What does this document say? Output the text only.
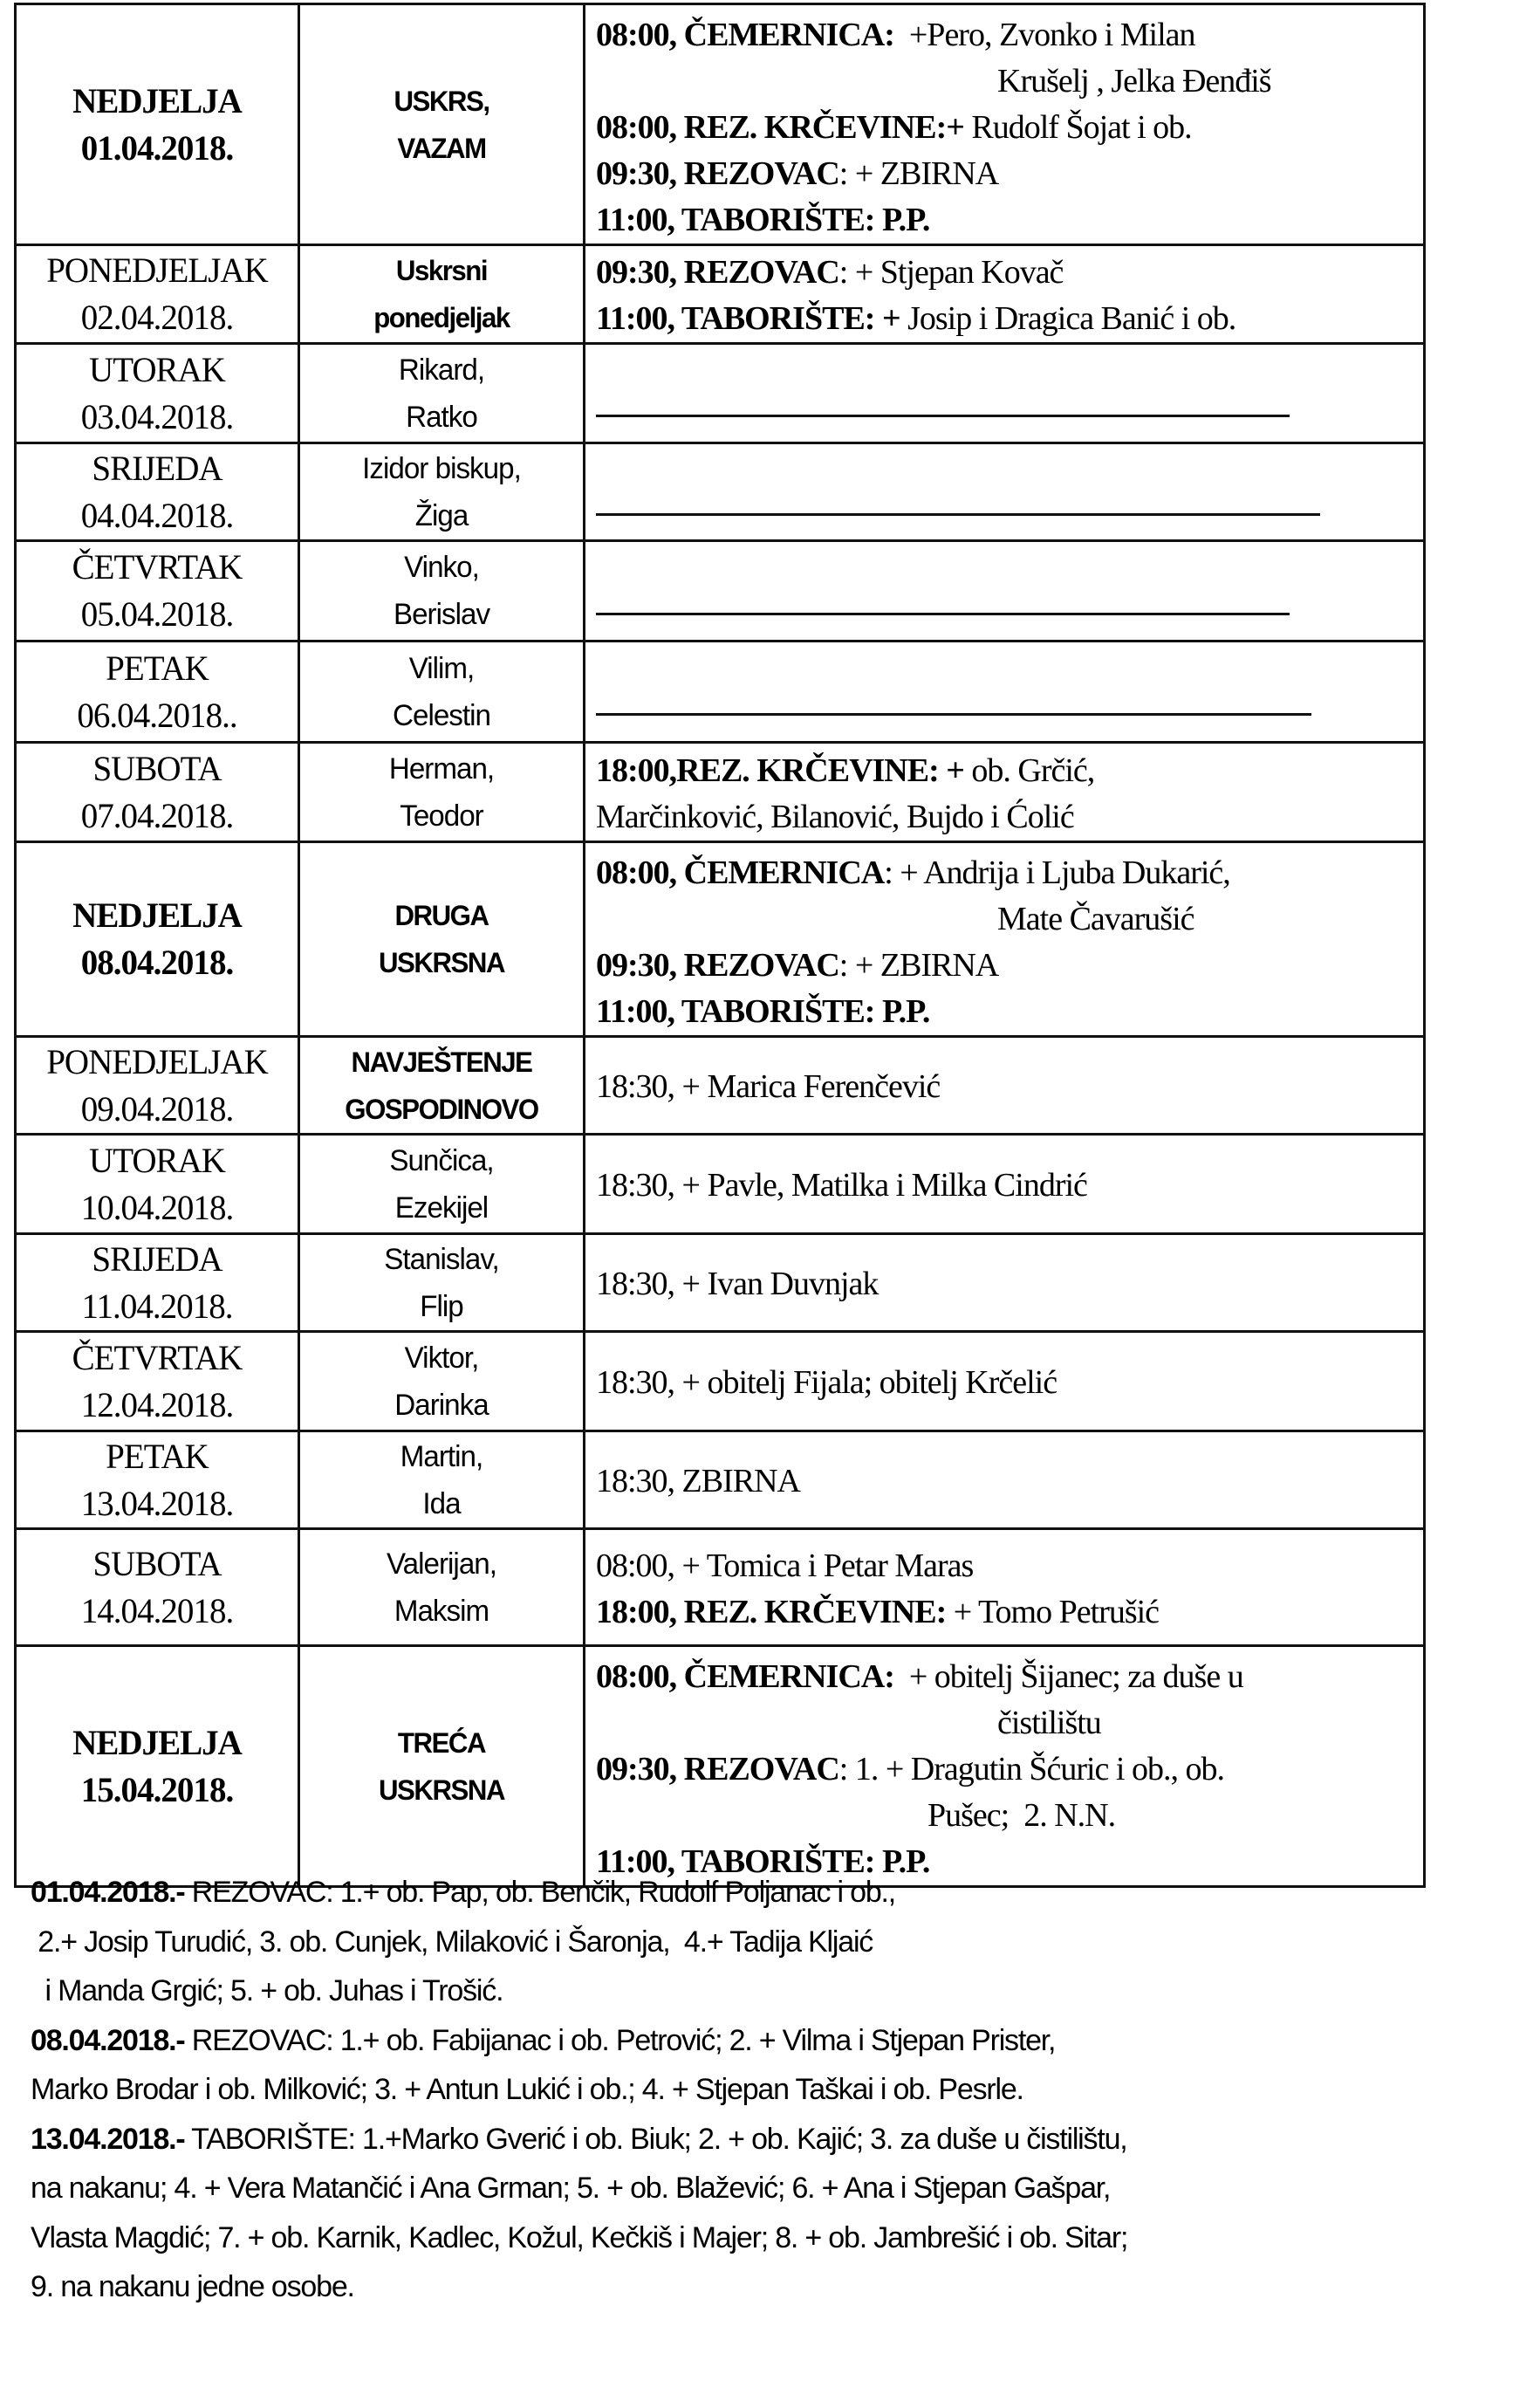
NEDJELJA
01.04.2018.	USKRS,
VAZAM	08:00, ČEMERNICA:  +Pero, Zvonko i Milan
Krušelj , Jelka Đenđiš
08:00, REZ. KRČEVINE:+ Rudolf Šojat i ob.
09:30, REZOVAC: + ZBIRNA
11:00, TABORIŠTE: P.P.

PONEDJELJAK
02.04.2018.	Uskrsni
ponedjeljak	09:30, REZOVAC: + Stjepan Kovač
11:00, TABORIŠTE: + Josip i Dragica Banić i ob.

UTORAK
03.04.2018.	Rikard,
Ratko	

SRIJEDA
04.04.2018.	Izidor biskup,
Žiga	

ČETVRTAK
05.04.2018.	Vinko,
Berislav	

PETAK
06.04.2018..	Vilim,
Celestin	

SUBOTA
07.04.2018.	Herman,
Teodor	18:00,REZ. KRČEVINE: + ob. Grčić,
Marčinković, Bilanović, Bujdo i Ćolić

NEDJELJA
08.04.2018.	DRUGA
USKRSNA	08:00, ČEMERNICA: + Andrija i Ljuba Dukarić,
Mate Čavarušić
09:30, REZOVAC: + ZBIRNA
11:00, TABORIŠTE: P.P.

PONEDJELJAK
09.04.2018.	NAVJEŠTENJE
GOSPODINOVO	18:30, + Marica Ferenčević

UTORAK
10.04.2018.	Sunčica,
Ezekijel	18:30, + Pavle, Matilka i Milka Cindrić

SRIJEDA
11.04.2018.	Stanislav,
Flip	18:30, + Ivan Duvnjak

ČETVRTAK
12.04.2018.	Viktor,
Darinka	18:30, + obitelj Fijala; obitelj Krčelić

PETAK
13.04.2018.	Martin,
Ida	18:30, ZBIRNA

SUBOTA
14.04.2018.	Valerijan,
Maksim	08:00, + Tomica i Petar Maras
18:00, REZ. KRČEVINE: + Tomo Petrušić

NEDJELJA
15.04.2018.	TREĆA
USKRSNA	08:00, ČEMERNICA:  + obitelj Šijanec; za duše u
čistilištu
09:30, REZOVAC: 1. + Dragutin Šćuric i ob., ob.
Pušec;  2. N.N.
11:00, TABORIŠTE: P.P.
01.04.2018.- REZOVAC: 1.+ ob. Pap, ob. Benčik, Rudolf Poljanac i ob.,
2.+ Josip Turudić, 3. ob. Cunjek, Milaković i Šaronja,  4.+ Tadija Kljaić
i Manda Grgić; 5. + ob. Juhas i Trošić.
08.04.2018.- REZOVAC: 1.+ ob. Fabijanac i ob. Petrović; 2. + Vilma i Stjepan Prister,
Marko Brodar i ob. Milković; 3. + Antun Lukić i ob.; 4. + Stjepan Taškai i ob. Pesrle.
13.04.2018.- TABORIŠTE: 1.+Marko Gverić i ob. Biuk; 2. + ob. Kajić; 3. za duše u čistilištu,
na nakanu; 4. + Vera Matančić i Ana Grman; 5. + ob. Blažević; 6. + Ana i Stjepan Gašpar,
Vlasta Magdić; 7. + ob. Karnik, Kadlec, Kožul, Kečkiš i Majer; 8. + ob. Jambrešić i ob. Sitar;
9. na nakanu jedne osobe.
